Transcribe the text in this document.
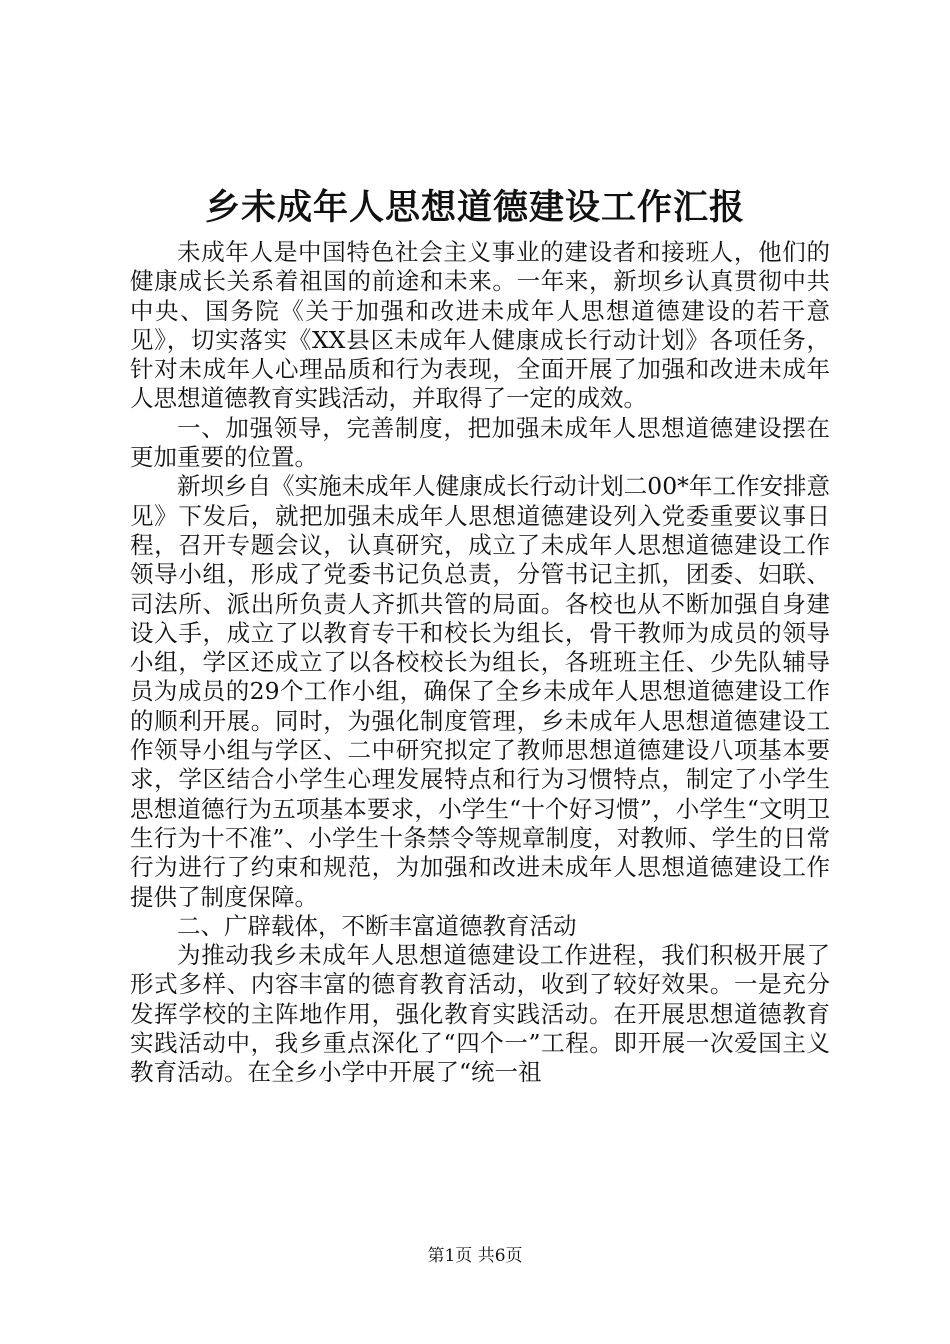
乡未成年人思想道德建设工作汇报

未成年人是中国特色社会主义事业的建设者和接班人，他们的健康成长关系着祖国的前途和未来。一年来，新坝乡认真贯彻中共中央、国务院《关于加强和改进未成年人思想道德建设的若干意见》，切实落实《XX县区未成年人健康成长行动计划》各项任务，针对未成年人心理品质和行为表现，全面开展了加强和改进未成年人思想道德教育实践活动，并取得了一定的成效。

一、加强领导，完善制度，把加强未成年人思想道德建设摆在更加重要的位置。

新坝乡自《实施未成年人健康成长行动计划二00*年工作安排意见》下发后，就把加强未成年人思想道德建设列入党委重要议事日程，召开专题会议，认真研究，成立了未成年人思想道德建设工作领导小组，形成了党委书记负总责，分管书记主抓，团委、妇联、司法所、派出所负责人齐抓共管的局面。各校也从不断加强自身建设入手，成立了以教育专干和校长为组长，骨干教师为成员的领导小组，学区还成立了以各校校长为组长，各班班主任、少先队辅导员为成员的29个工作小组，确保了全乡未成年人思想道德建设工作的顺利开展。同时，为强化制度管理，乡未成年人思想道德建设工作领导小组与学区、二中研究拟定了教师思想道德建设八项基本要求，学区结合小学生心理发展特点和行为习惯特点，制定了小学生思想道德行为五项基本要求，小学生“十个好习惯”，小学生“文明卫生行为十不准”、小学生十条禁令等规章制度，对教师、学生的日常行为进行了约束和规范，为加强和改进未成年人思想道德建设工作提供了制度保障。

二、广辟载体，不断丰富道德教育活动

为推动我乡未成年人思想道德建设工作进程，我们积极开展了形式多样、内容丰富的德育教育活动，收到了较好效果。一是充分发挥学校的主阵地作用，强化教育实践活动。在开展思想道德教育实践活动中，我乡重点深化了“四个一”工程。即开展一次爱国主义教育活动。在全乡小学中开展了“统一祖

第1页 共6页
